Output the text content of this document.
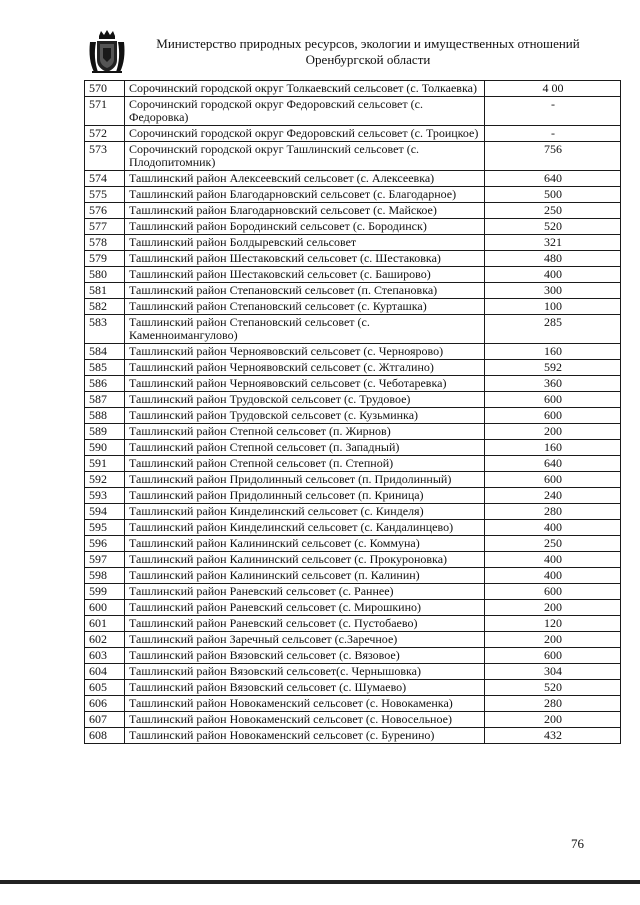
Министерство природных ресурсов, экологии и имущественных отношений
Оренбургской области
570	Сорочинский городской округ Толкаевский сельсовет (с. Толкаевка)	4 00
571	Сорочинский городской округ Федоровский сельсовет (с. Федоровка)	-
572	Сорочинский городской округ Федоровский сельсовет (с. Троицкое)	-
573	Сорочинский городской округ Ташлинский сельсовет (с. Плодопитомник)	756
574	Ташлинский район Алексеевский сельсовет (с. Алексеевка)	640
575	Ташлинский район Благодарновский сельсовет (с. Благодарное)	500
576	Ташлинский район Благодарновский сельсовет (с. Майское)	250
577	Ташлинский район Бородинский сельсовет (с. Бородинск)	520
578	Ташлинский район Болдыревский сельсовет	321
579	Ташлинский район Шестаковский сельсовет (с. Шестаковка)	480
580	Ташлинский район Шестаковский сельсовет (с. Баширово)	400
581	Ташлинский район Степановский сельсовет (п. Степановка)	300
582	Ташлинский район Степановский сельсовет (с. Курташка)	100
583	Ташлинский район Степановский сельсовет (с. Каменноимангулово)	285
584	Ташлинский район Черноявовский сельсовет (с. Чернояpово)	160
585	Ташлинский район Черноявовский сельсовет (с. Жтгалино)	592
586	Ташлинский район Черноявовский сельсовет (с. Чеботаревка)	360
587	Ташлинский район Трудовской сельсовет (с. Трудовое)	600
588	Ташлинский район Трудовской сельсовет (с. Кузьминка)	600
589	Ташлинский район Степной сельсовет (п. Жирнов)	200
590	Ташлинский район Степной сельсовет (п. Западный)	160
591	Ташлинский район Степной сельсовет (п. Степной)	640
592	Ташлинский район Придолинный сельсовет (п. Придолинный)	600
593	Ташлинский район Придолинный сельсовет (п. Криница)	240
594	Ташлинский район Кинделинский сельсовет (с. Кинделя)	280
595	Ташлинский район Кинделинский сельсовет (с. Кандалинцево)	400
596	Ташлинский район Калининский сельсовет (с. Коммуна)	250
597	Ташлинский район Калининский сельсовет (с. Прокуроновка)	400
598	Ташлинский район Калининский сельсовет (п. Калинин)	400
599	Ташлинский район Раневский сельсовет (с. Раннее)	600
600	Ташлинский район Раневский сельсовет (с. Мирошкино)	200
601	Ташлинский район Раневский сельсовет (с. Пустобаево)	120
602	Ташлинский район Заречный сельсовет (с.Заречное)	200
603	Ташлинский район Вязовский сельсовет (с. Вязовое)	600
604	Ташлинский район Вязовский сельсовет(с. Чернышовка)	304
605	Ташлинский район Вязовский сельсовет (с. Шумаево)	520
606	Ташлинский район Новокаменский сельсовет (с. Новокаменка)	280
607	Ташлинский район Новокаменский сельсовет (с. Новосельное)	200
608	Ташлинский район Новокаменский сельсовет (с. Буренино)	432
76
